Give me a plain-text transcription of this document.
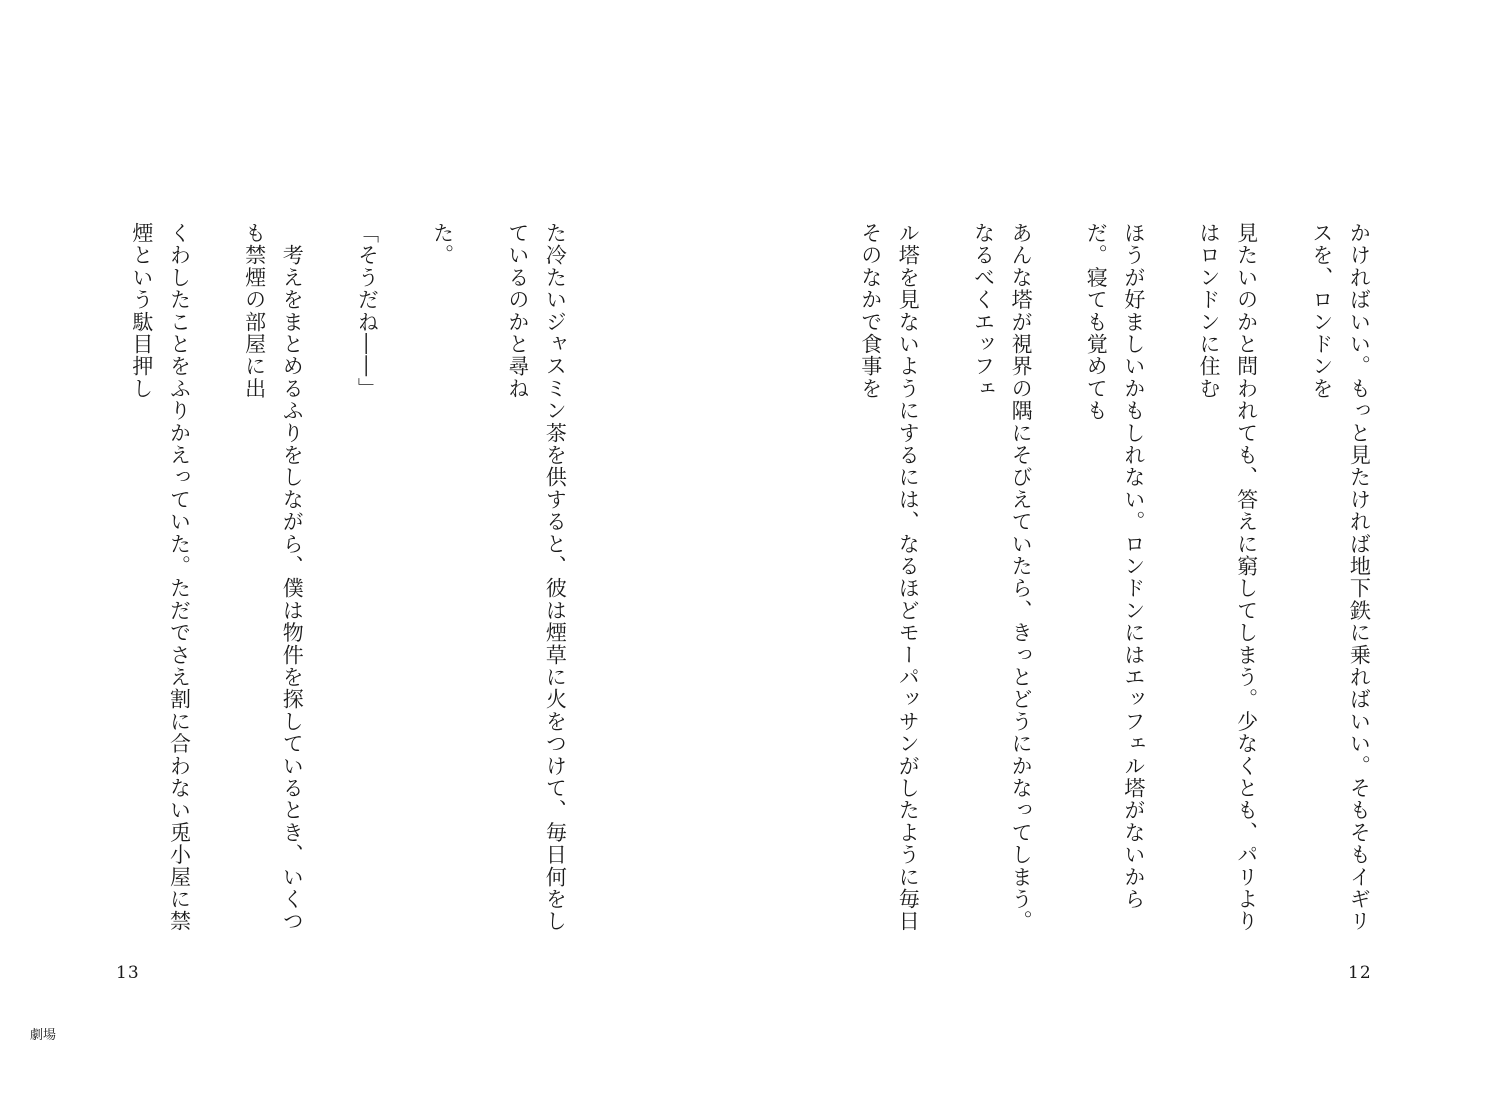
た冷たいジャスミン茶を供すると、彼は煙草に火をつけて、毎日何をしているのかと尋ね

た。

「そうだね――」

　考えをまとめるふりをしながら、僕は物件を探しているとき、いくつも禁煙の部屋に出

くわしたことをふりかえっていた。ただでさえ割に合わない兎小屋に禁煙という駄目押し

13

かければいい。もっと見たければ地下鉄に乗ればいい。そもそもイギリスを、ロンドンを

見たいのかと問われても、答えに窮してしまう。少なくとも、パリよりはロンドンに住む

ほうが好ましいかもしれない。ロンドンにはエッフェル塔がないからだ。寝ても覚めても

あんな塔が視界の隅にそびえていたら、きっとどうにかなってしまう。なるべくエッフェ

ル塔を見ないようにするには、なるほどモーパッサンがしたように毎日そのなかで食事を

12
劇場
